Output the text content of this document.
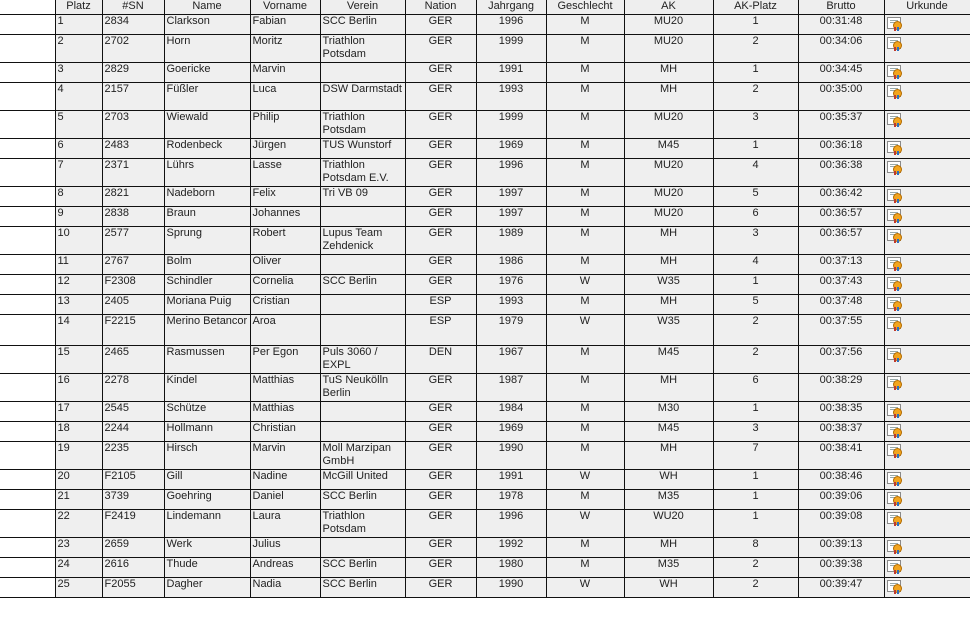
	Platz	#SN	Name	Vorname	Verein	Nation	Jahrgang	Geschlecht	AK	AK-Platz	Brutto	Urkunde
	1	2834	Clarkson	Fabian	SCC Berlin	GER	1996	M	MU20	1	00:31:48	

	2	2702	Horn	Moritz	Triathlon Potsdam	GER	1999	M	MU20	2	00:34:06	

	3	2829	Goericke	Marvin		GER	1991	M	MH	1	00:34:45	

	4	2157	Füßler	Luca	DSW Darmstadt	GER	1993	M	MH	2	00:35:00	

	5	2703	Wiewald	Philip	Triathlon Potsdam	GER	1999	M	MU20	3	00:35:37	

	6	2483	Rodenbeck	Jürgen	TUS Wunstorf	GER	1969	M	M45	1	00:36:18	

	7	2371	Lührs	Lasse	Triathlon Potsdam E.V.	GER	1996	M	MU20	4	00:36:38	

	8	2821	Nadeborn	Felix	Tri VB 09	GER	1997	M	MU20	5	00:36:42	

	9	2838	Braun	Johannes		GER	1997	M	MU20	6	00:36:57	

	10	2577	Sprung	Robert	Lupus Team Zehdenick	GER	1989	M	MH	3	00:36:57	

	11	2767	Bolm	Oliver		GER	1986	M	MH	4	00:37:13	

	12	F2308	Schindler	Cornelia	SCC Berlin	GER	1976	W	W35	1	00:37:43	

	13	2405	Moriana Puig	Cristian		ESP	1993	M	MH	5	00:37:48	

	14	F2215	Merino Betancor	Aroa		ESP	1979	W	W35	2	00:37:55	

	15	2465	Rasmussen	Per Egon	Puls 3060 / EXPL	DEN	1967	M	M45	2	00:37:56	

	16	2278	Kindel	Matthias	TuS Neukölln Berlin	GER	1987	M	MH	6	00:38:29	

	17	2545	Schütze	Matthias		GER	1984	M	M30	1	00:38:35	

	18	2244	Hollmann	Christian		GER	1969	M	M45	3	00:38:37	

	19	2235	Hirsch	Marvin	Moll Marzipan GmbH	GER	1990	M	MH	7	00:38:41	

	20	F2105	Gill	Nadine	McGill United	GER	1991	W	WH	1	00:38:46	

	21	3739	Goehring	Daniel	SCC Berlin	GER	1978	M	M35	1	00:39:06	

	22	F2419	Lindemann	Laura	Triathlon Potsdam	GER	1996	W	WU20	1	00:39:08	

	23	2659	Werk	Julius		GER	1992	M	MH	8	00:39:13	

	24	2616	Thude	Andreas	SCC Berlin	GER	1980	M	M35	2	00:39:38	

	25	F2055	Dagher	Nadia	SCC Berlin	GER	1990	W	WH	2	00:39:47	
